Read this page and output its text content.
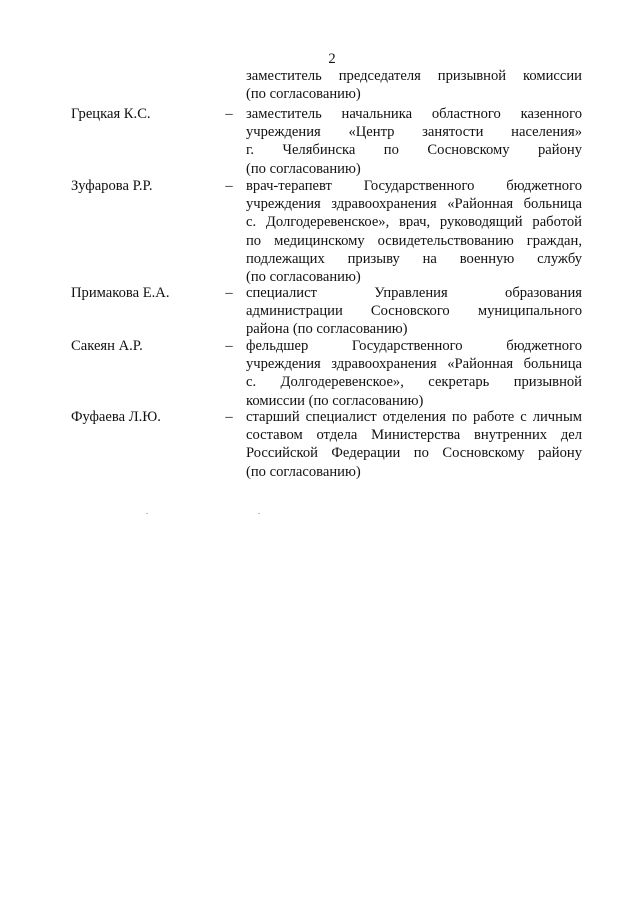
2
заместитель председателя призывной комиссии
(по согласованию)
Грецкая К.С.	– заместитель начальника областного казенного
учреждения «Центр занятости населения»
г. Челябинска по Сосновскому району
(по согласованию)
Зуфарова Р.Р.	– врач-терапевт Государственного бюджетного
учреждения здравоохранения «Районная больница
с. Долгодеревенское», врач, руководящий работой
по медицинскому освидетельствованию граждан,
подлежащих призыву на военную службу
(по согласованию)
Примакова Е.А.	– специалист Управления образования
администрации Сосновского муниципального
района (по согласованию)
Сакеян А.Р.	– фельдшер Государственного бюджетного
учреждения здравоохранения «Районная больница
с. Долгодеревенское», секретарь призывной
комиссии (по согласованию)
Фуфаева Л.Ю.	– старший специалист отделения по работе с личным
составом отдела Министерства внутренних дел
Российской Федерации по Сосновскому району
(по согласованию)
